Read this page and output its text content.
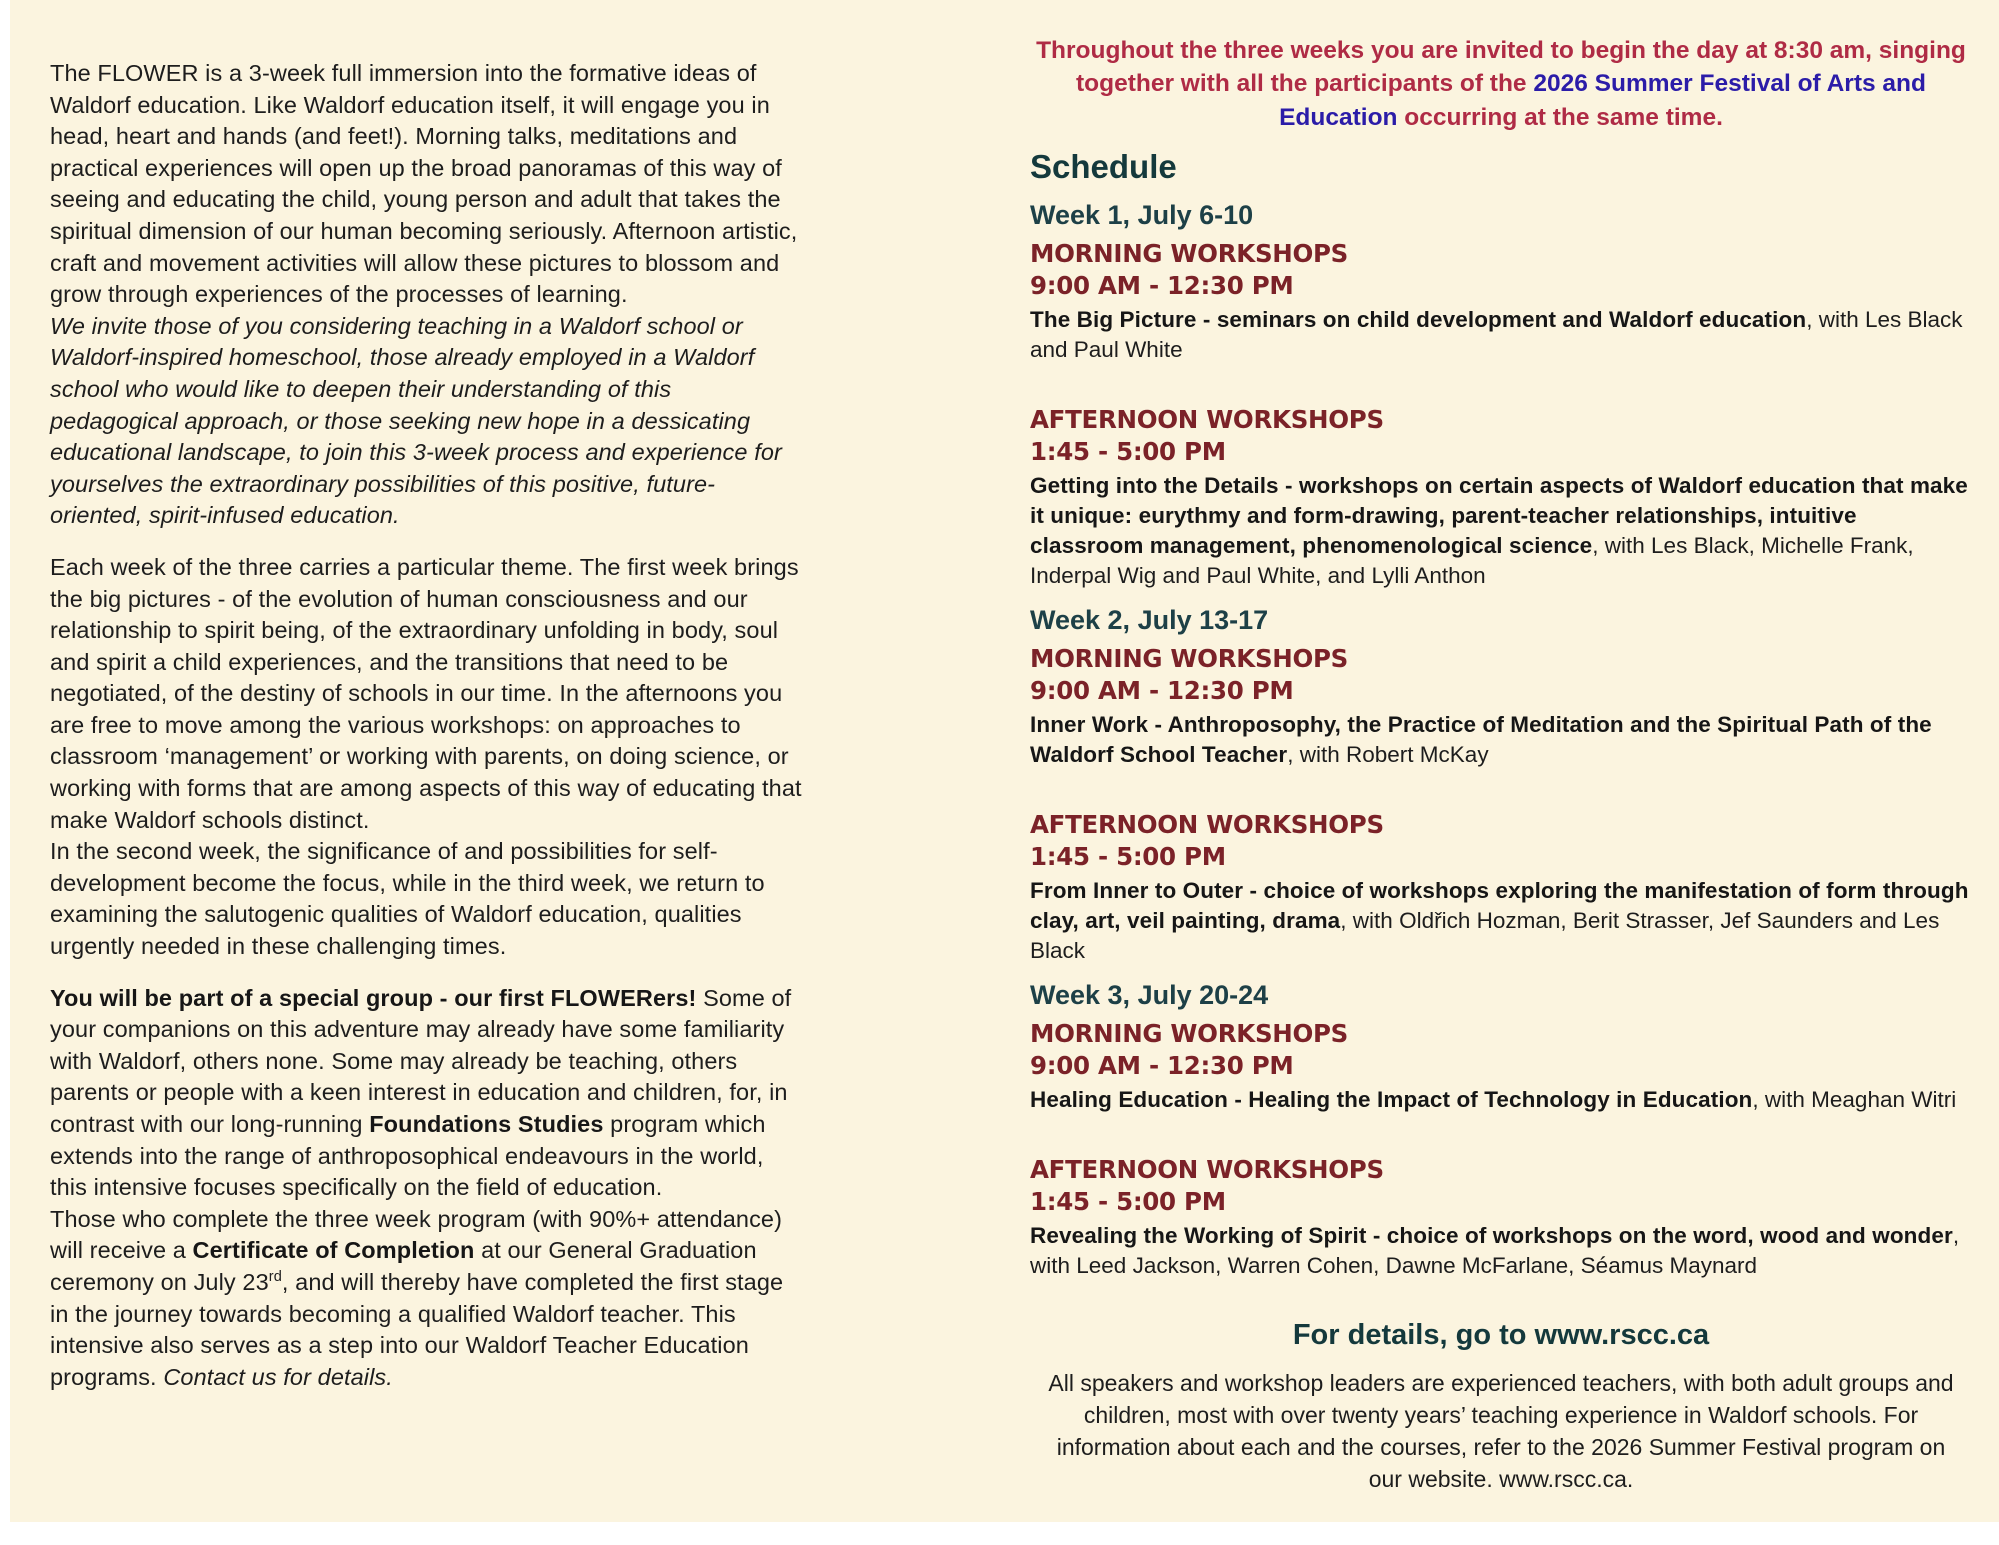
The FLOWER is a 3-week full immersion into the formative ideas of Waldorf education. Like Waldorf education itself, it will engage you in head, heart and hands (and feet!). Morning talks, meditations and practical experiences will open up the broad panoramas of this way of seeing and educating the child, young person and adult that takes the spiritual dimension of our human becoming seriously. Afternoon artistic, craft and movement activities will allow these pictures to blossom and grow through experiences of the processes of learning.
We invite those of you considering teaching in a Waldorf school or Waldorf-inspired homeschool, those already employed in a Waldorf school who would like to deepen their understanding of this pedagogical approach, or those seeking new hope in a dessicating educational landscape, to join this 3-week process and experience for yourselves the extraordinary possibilities of this positive, future-oriented, spirit-infused education.

Each week of the three carries a particular theme. The first week brings the big pictures - of the evolution of human consciousness and our relationship to spirit being, of the extraordinary unfolding in body, soul and spirit a child experiences, and the transitions that need to be negotiated, of the destiny of schools in our time. In the afternoons you are free to move among the various workshops: on approaches to classroom ‘management’ or working with parents, on doing science, or working with forms that are among aspects of this way of educating that make Waldorf schools distinct.
In the second week, the significance of and possibilities for self-development become the focus, while in the third week, we return to examining the salutogenic qualities of Waldorf education, qualities urgently needed in these challenging times.

You will be part of a special group - our first FLOWERers! Some of your companions on this adventure may already have some familiarity with Waldorf, others none. Some may already be teaching, others parents or people with a keen interest in education and children, for, in contrast with our long-running Foundations Studies program which extends into the range of anthroposophical endeavours in the world, this intensive focuses specifically on the field of education.
Those who complete the three week program (with 90%+ attendance) will receive a Certificate of Completion at our General Graduation ceremony on July 23rd, and will thereby have completed the first stage in the journey towards becoming a qualified Waldorf teacher. This intensive also serves as a step into our Waldorf Teacher Education programs. Contact us for details.

Throughout the three weeks you are invited to begin the day at 8:30 am, singing together with all the participants of the 2026 Summer Festival of Arts and Education occurring at the same time.

Schedule
Week 1, July 6-10
MORNING WORKSHOPS
9:00 AM - 12:30 PM

The Big Picture - seminars on child development and Waldorf education, with Les Black and Paul White

AFTERNOON WORKSHOPS
1:45 - 5:00 PM

Getting into the Details - workshops on certain aspects of Waldorf education that make it unique: eurythmy and form-drawing, parent-teacher relationships, intuitive classroom management, phenomenological science, with Les Black, Michelle Frank, Inderpal Wig and Paul White, and Lylli Anthon

Week 2, July 13-17
MORNING WORKSHOPS
9:00 AM - 12:30 PM

Inner Work - Anthroposophy, the Practice of Meditation and the Spiritual Path of the Waldorf School Teacher, with Robert McKay

AFTERNOON WORKSHOPS
1:45 - 5:00 PM

From Inner to Outer - choice of workshops exploring the manifestation of form through clay, art, veil painting, drama, with Oldřich Hozman, Berit Strasser, Jef Saunders and Les Black

Week 3, July 20-24
MORNING WORKSHOPS
9:00 AM - 12:30 PM

Healing Education - Healing the Impact of Technology in Education, with Meaghan Witri

AFTERNOON WORKSHOPS
1:45 - 5:00 PM

Revealing the Working of Spirit - choice of workshops on the word, wood and wonder, with Leed Jackson, Warren Cohen, Dawne McFarlane, Séamus Maynard

For details, go to www.rscc.ca

All speakers and workshop leaders are experienced teachers, with both adult groups and children, most with over twenty years’ teaching experience in Waldorf schools. For information about each and the courses, refer to the 2026 Summer Festival program on our website. www.rscc.ca.
